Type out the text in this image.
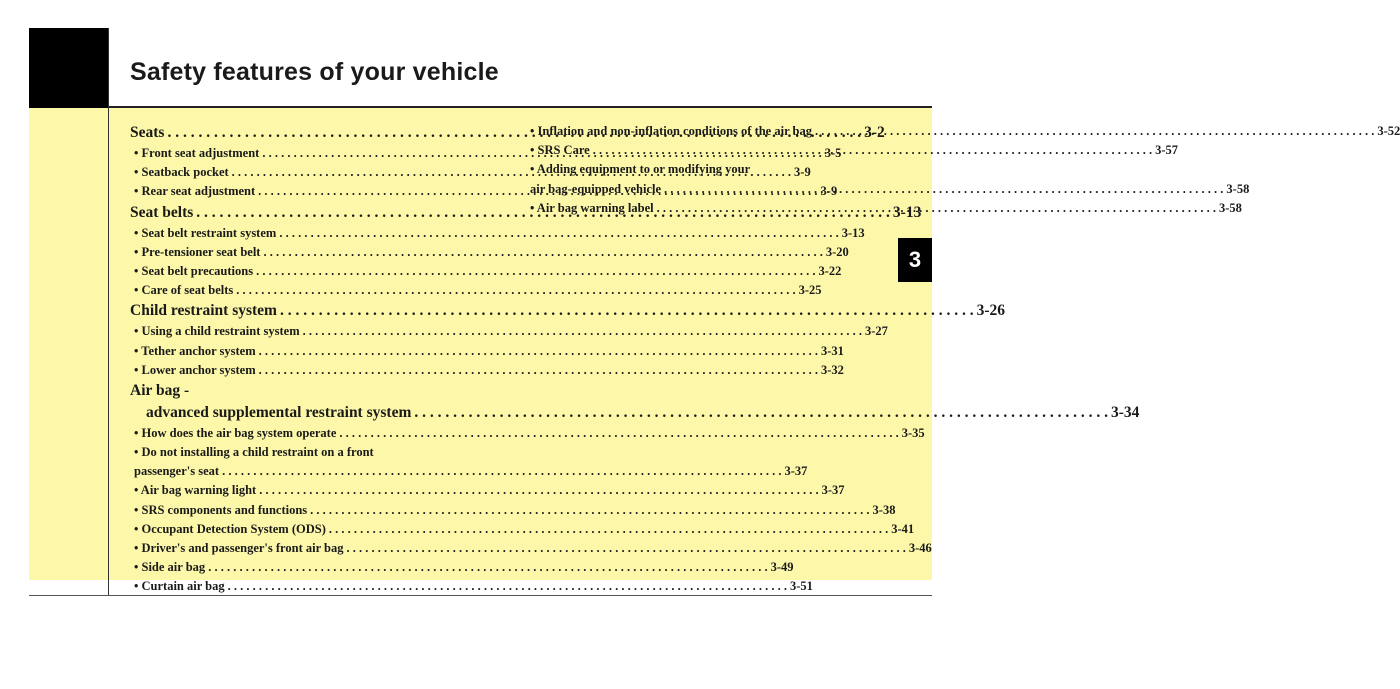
Safety features of your vehicle
3
Seats . . .	3-2
• Front seat adjustment . . .	3-5
• Seatback pocket . . .	3-9
• Rear seat adjustment . . .	3-9
Seat belts . . .	3-13
• Seat belt restraint system . . .	3-13
• Pre-tensioner seat belt . . .	3-20
• Seat belt precautions . . .	3-22
• Care of seat belts . . .	3-25
Child restraint system . . .	3-26
• Using a child restraint system . . .	3-27
• Tether anchor system . . .	3-31
• Lower anchor system . . .	3-32
Air bag -
advanced supplemental restraint system . . .	3-34
• How does the air bag system operate . . .	3-35
• Do not installing a child restraint on a front
passenger's seat . . .	3-37
• Air bag warning light . . .	3-37
• SRS components and functions . . .	3-38
• Occupant Detection System (ODS) . . .	3-41
• Driver's and passenger's front air bag . . .	3-46
• Side air bag . . .	3-49
• Curtain air bag . . .	3-51
• Inflation and non-inflation conditions of the air bag . . .	3-52
• SRS Care . . .	3-57
• Adding equipment to or modifying your
air bag-equipped vehicle . . .	3-58
• Air bag warning label . . .	3-58
